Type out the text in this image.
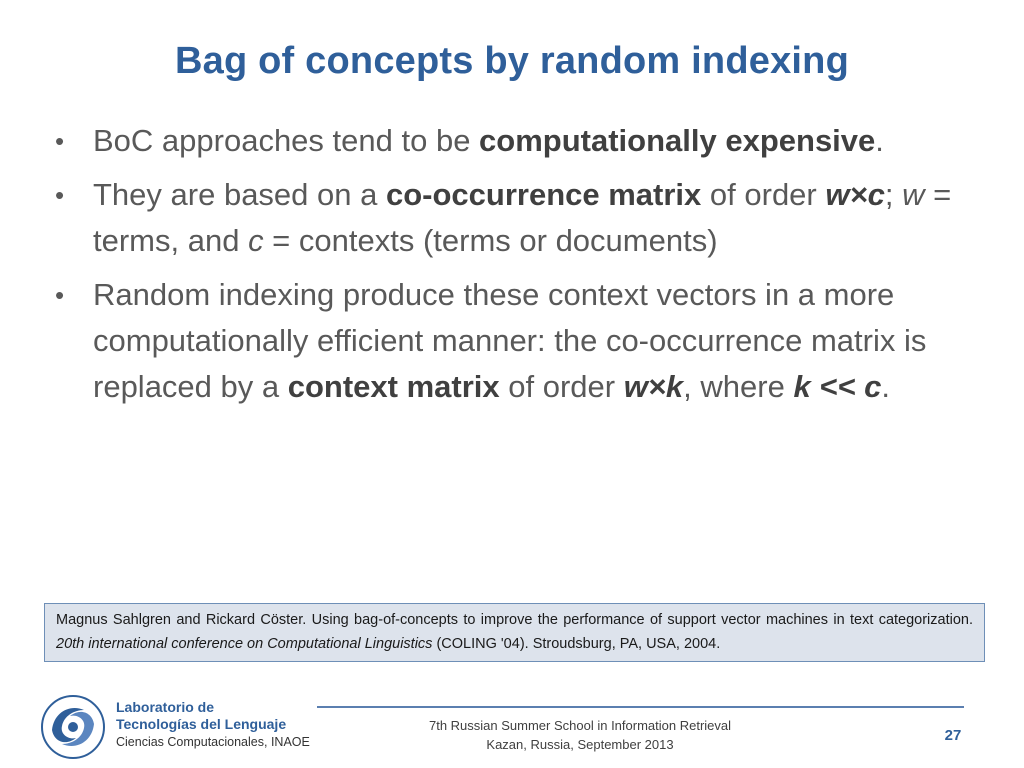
Bag of concepts by random indexing
• BoC approaches tend to be computationally expensive.
• They are based on a co-occurrence matrix of order w×c; w = terms, and c = contexts (terms or documents)
• Random indexing produce these context vectors in a more computationally efficient manner: the co-occurrence matrix is replaced by a context matrix of order w×k, where k << c.
Magnus Sahlgren and Rickard Cöster. Using bag-of-concepts to improve the performance of support vector machines in text categorization. 20th international conference on Computational Linguistics (COLING '04). Stroudsburg, PA, USA, 2004.
Laboratorio de
Tecnologías del Lenguaje
Ciencias Computacionales, INAOE
7th Russian Summer School in Information Retrieval
Kazan, Russia, September 2013
27
